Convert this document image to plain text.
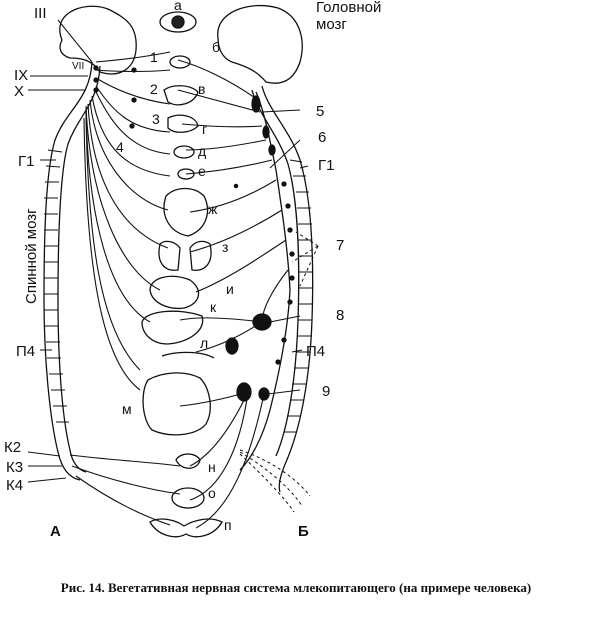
Головной
мозг
III
VII
IX
X
Г1	Г1
Спинной мозг
П4	П4
К2
К3
К4
А	Б
1
2
3
4
5
6
7
8
9
а
б
в
г
д
е
ж
з
и
к
л
м
н
о
п
Рис. 14. Вегетативная нервная система млекопитающего (на примере человека)
